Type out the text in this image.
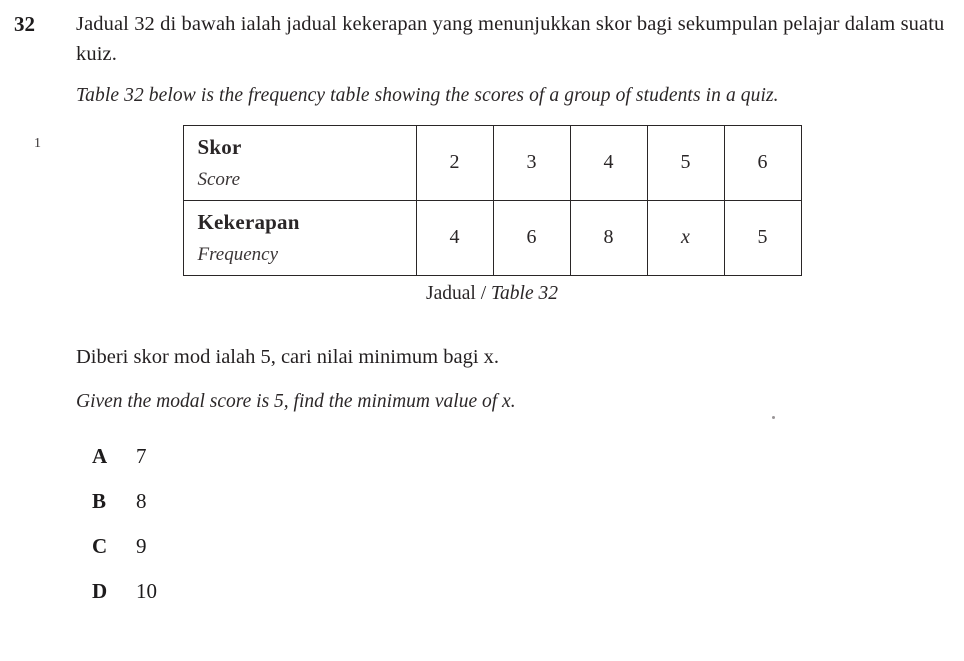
32	Jadual 32 di bawah ialah jadual kekerapan yang menunjukkan skor bagi sekumpulan pelajar dalam suatu kuiz.
Table 32 below is the frequency table showing the scores of a group of students in a quiz.
1	Skor
Score	2	3	4	5	6

Kekerapan
Frequency	4	6	8	x	5
Jadual / Table 32
Diberi skor mod ialah 5, cari nilai minimum bagi x.
Given the modal score is 5, find the minimum value of x.
A	7
B	8
C	9
D	10
